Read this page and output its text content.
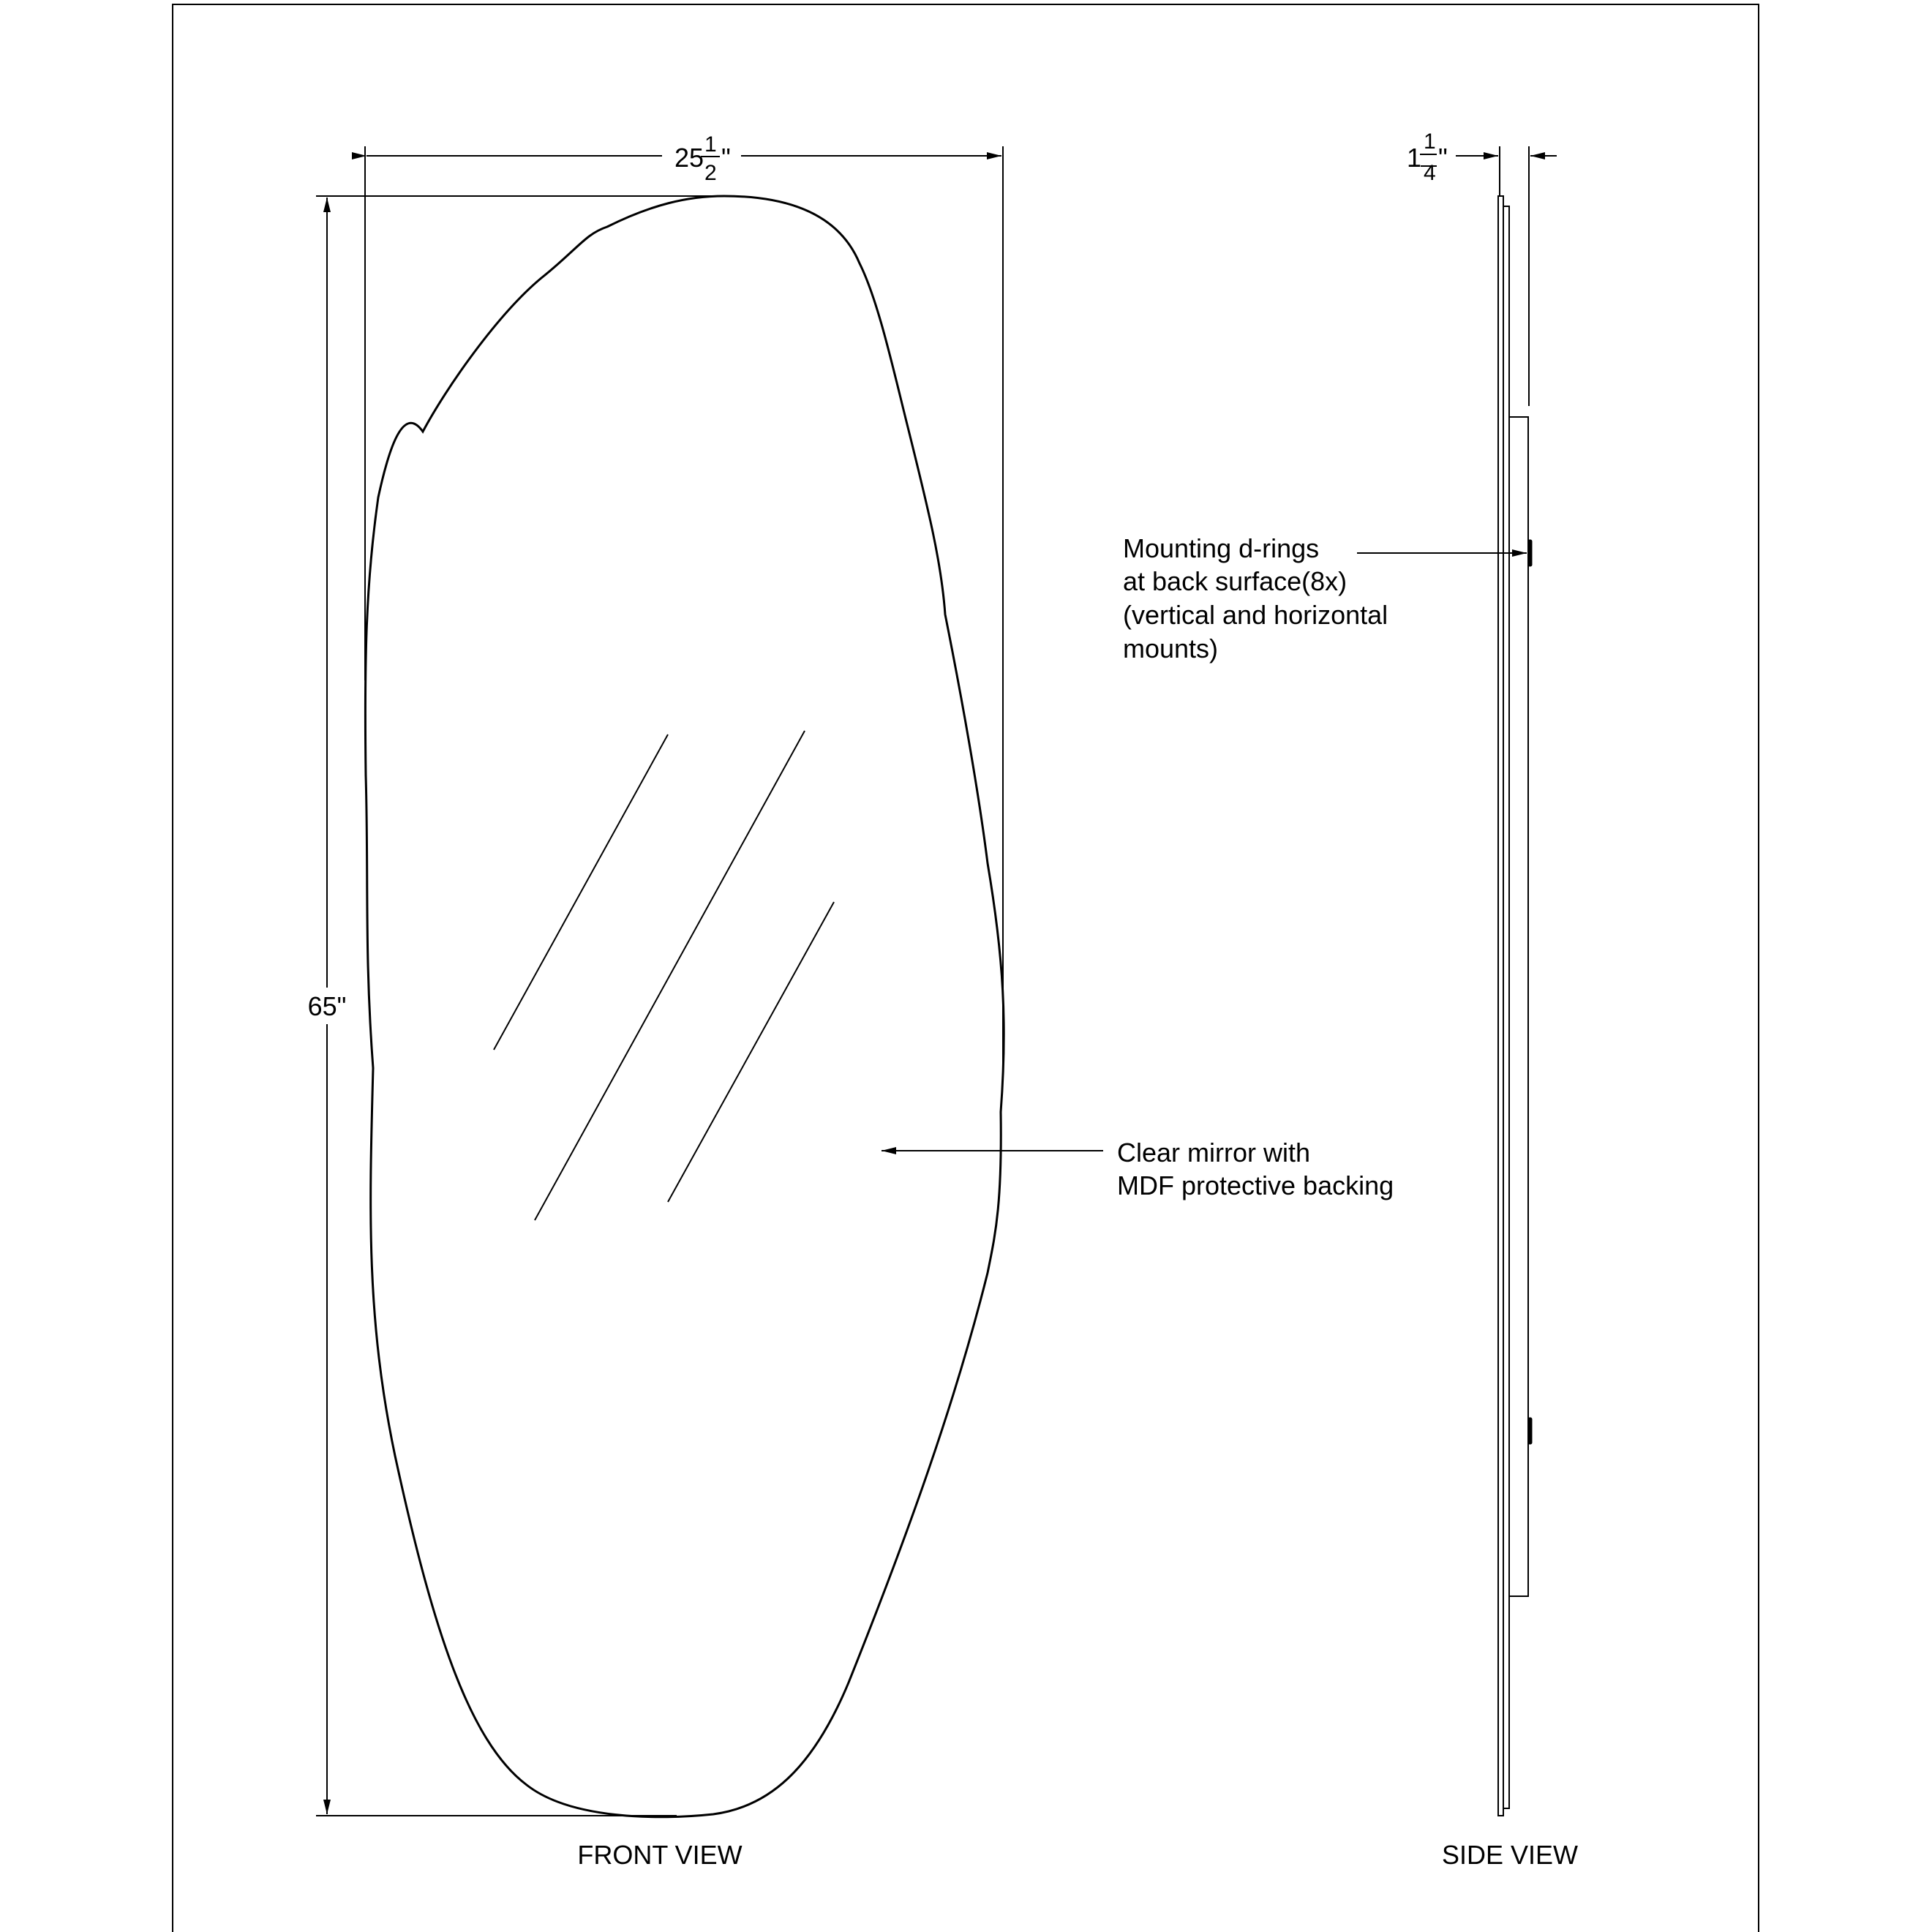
25 1
2
"
65"
Clear mirror with MDF protective backing
FRONT VIEW
1
1
4
"
Mounting d-rings at back surface(8x) (vertical and horizontal mounts)
SIDE VIEW
